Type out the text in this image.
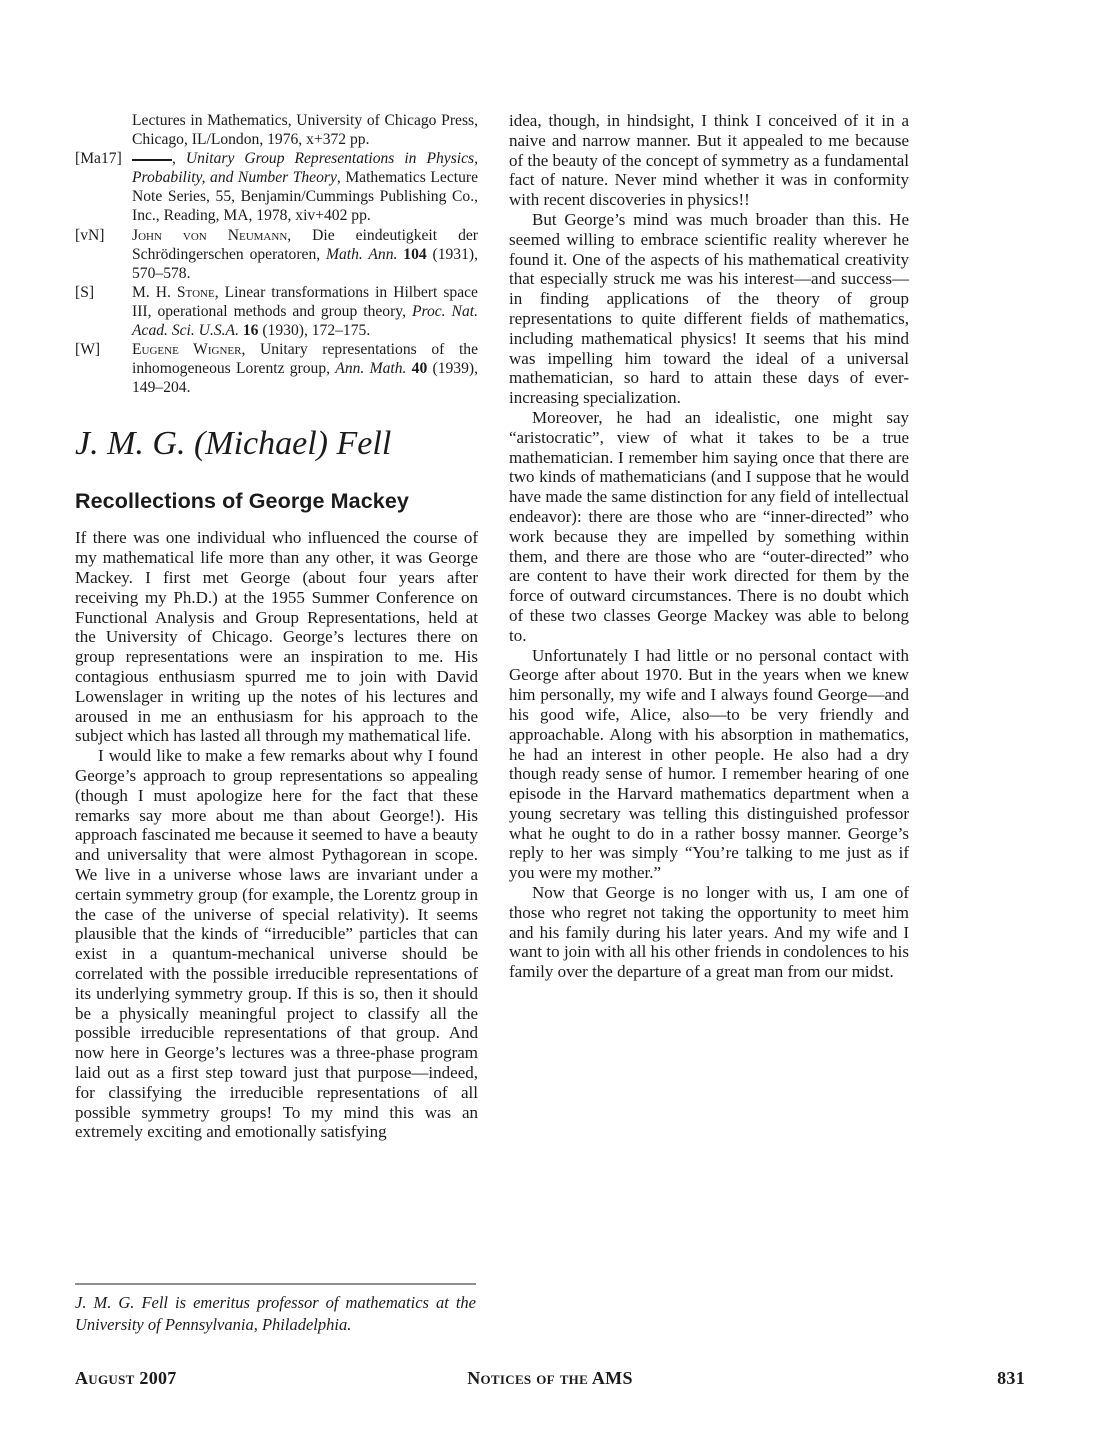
Lectures in Mathematics, University of Chicago Press, Chicago, IL/London, 1976, x+372 pp.
[Ma17]	, Unitary Group Representations in Physics, Probability, and Number Theory, Mathematics Lecture Note Series, 55, Benjamin/Cummings Publishing Co., Inc., Reading, MA, 1978, xiv+402 pp.
[vN] John von Neumann, Die eindeutigkeit der Schrödingerschen operatoren, Math. Ann. 104 (1931), 570–578.
[S] M. H. Stone, Linear transformations in Hilbert space III, operational methods and group theory, Proc. Nat. Acad. Sci. U.S.A. 16 (1930), 172–175.
[W] Eugene Wigner, Unitary representations of the inhomogeneous Lorentz group, Ann. Math. 40 (1939), 149–204.
J. M. G. (Michael) Fell
Recollections of George Mackey

If there was one individual who influenced the course of my mathematical life more than any other, it was George Mackey. I first met George (about four years after receiving my Ph.D.) at the 1955 Summer Conference on Functional Analysis and Group Representations, held at the University of Chicago. George’s lectures there on group representations were an inspiration to me. His contagious enthusiasm spurred me to join with David Lowenslager in writing up the notes of his lectures and aroused in me an enthusiasm for his approach to the subject which has lasted all through my mathematical life.

I would like to make a few remarks about why I found George’s approach to group representations so appealing (though I must apologize here for the fact that these remarks say more about me than about George!). His approach fascinated me because it seemed to have a beauty and universality that were almost Pythagorean in scope. We live in a universe whose laws are invariant under a certain symmetry group (for example, the Lorentz group in the case of the universe of special relativity). It seems plausible that the kinds of “irreducible” particles that can exist in a quantum-mechanical universe should be correlated with the possible irreducible representations of its underlying symmetry group. If this is so, then it should be a physically meaningful project to classify all the possible irreducible representations of that group. And now here in George’s lectures was a three-phase program laid out as a first step toward just that purpose—indeed, for classifying the irreducible representations of all possible symmetry groups! To my mind this was an extremely exciting and emotionally satisfying

J. M. G. Fell is emeritus professor of mathematics at the University of Pennsylvania, Philadelphia.

idea, though, in hindsight, I think I conceived of it in a naive and narrow manner. But it appealed to me because of the beauty of the concept of symmetry as a fundamental fact of nature. Never mind whether it was in conformity with recent discoveries in physics!!

But George’s mind was much broader than this. He seemed willing to embrace scientific reality wherever he found it. One of the aspects of his mathematical creativity that especially struck me was his interest—and success—in finding applications of the theory of group representations to quite different fields of mathematics, including mathematical physics! It seems that his mind was impelling him toward the ideal of a universal mathematician, so hard to attain these days of ever-increasing specialization.

Moreover, he had an idealistic, one might say “aristocratic”, view of what it takes to be a true mathematician. I remember him saying once that there are two kinds of mathematicians (and I suppose that he would have made the same distinction for any field of intellectual endeavor): there are those who are “inner-directed” who work because they are impelled by something within them, and there are those who are “outer-directed” who are content to have their work directed for them by the force of outward circumstances. There is no doubt which of these two classes George Mackey was able to belong to.

Unfortunately I had little or no personal contact with George after about 1970. But in the years when we knew him personally, my wife and I always found George—and his good wife, Alice, also—to be very friendly and approachable. Along with his absorption in mathematics, he had an interest in other people. He also had a dry though ready sense of humor. I remember hearing of one episode in the Harvard mathematics department when a young secretary was telling this distinguished professor what he ought to do in a rather bossy manner. George’s reply to her was simply “You’re talking to me just as if you were my mother.”

Now that George is no longer with us, I am one of those who regret not taking the opportunity to meet him and his family during his later years. And my wife and I want to join with all his other friends in condolences to his family over the departure of a great man from our midst.

August 2007	Notices of the AMS	831
